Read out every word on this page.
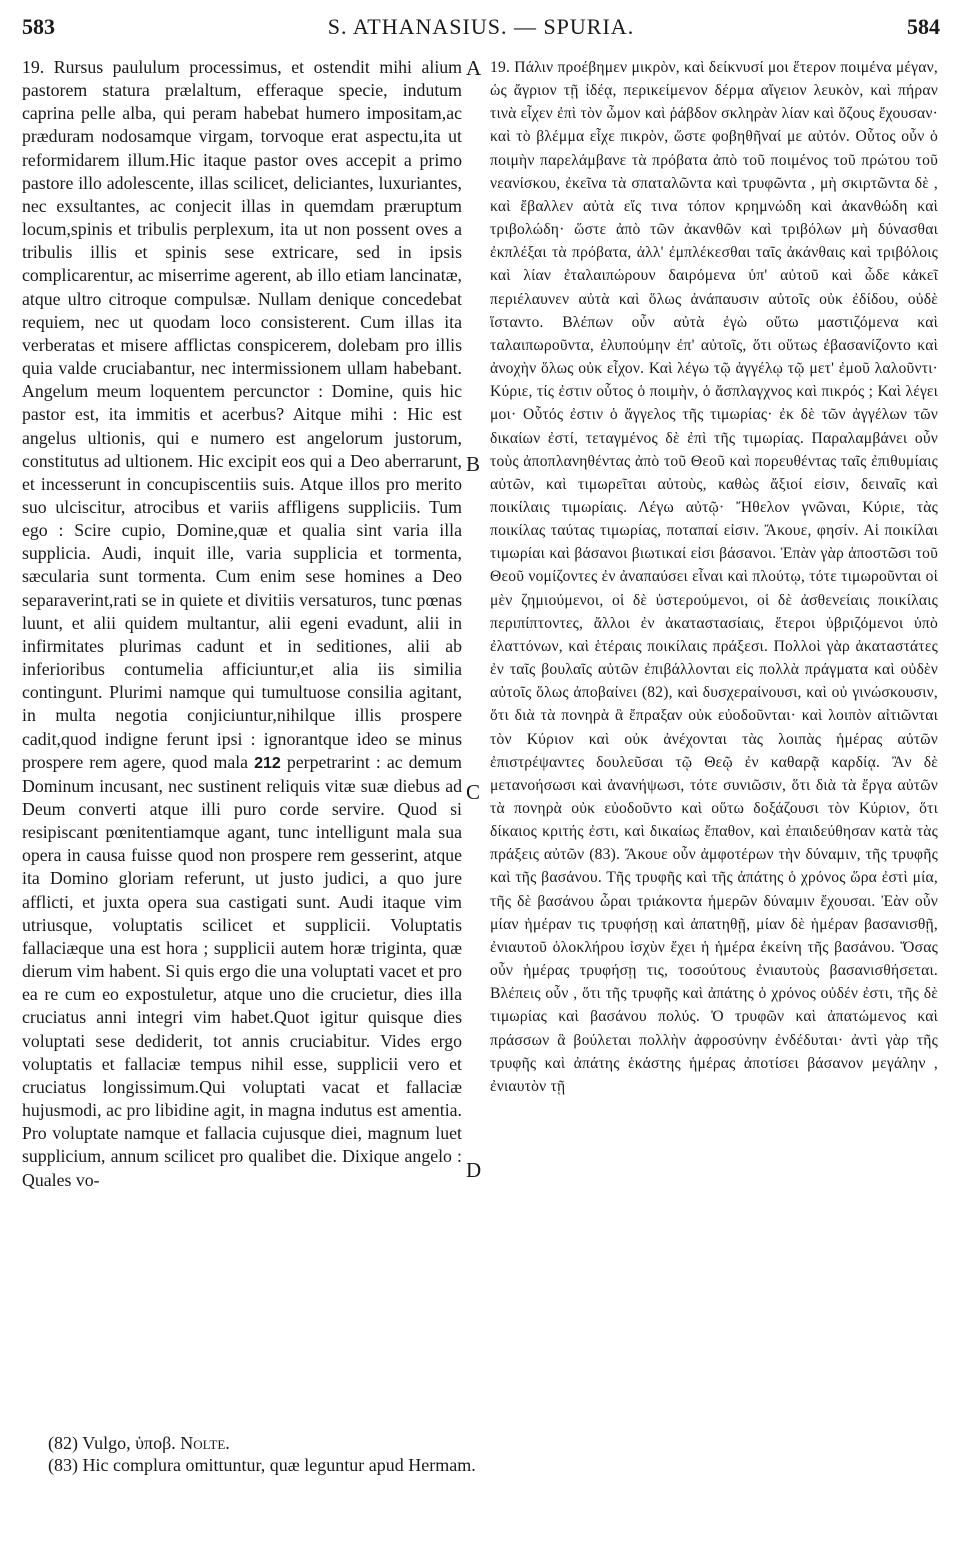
583	S. ATHANASIUS. — SPURIA.	584

19. Rursus paululum processimus, et ostendit mihi alium pastorem statura prælaltum, efferaque specie, indutum caprina pelle alba, qui peram habebat humero impositam,ac præduram nodosamque virgam, torvoque erat aspectu,ita ut reformidarem illum.Hic itaque pastor oves accepit a primo pastore illo adolescente, illas scilicet, deliciantes, luxuriantes, nec exsultantes, ac conjecit illas in quemdam præruptum locum,spinis et tribulis perplexum, ita ut non possent oves a tribulis illis et spinis sese extricare, sed in ipsis complicarentur, ac miserrime agerent, ab illo etiam lancinatæ, atque ultro citroque compulsæ. Nullam denique concedebat requiem, nec ut quodam loco consisterent. Cum illas ita verberatas et misere afflictas conspicerem, dolebam pro illis quia valde cruciabantur, nec intermissionem ullam habebant. Angelum meum loquentem percunctor : Domine, quis hic pastor est, ita immitis et acerbus? Aitque mihi : Hic est angelus ultionis, qui e numero est angelorum justorum, constitutus ad ultionem. Hic excipit eos qui a Deo aberrarunt, et incesserunt in concupiscentiis suis. Atque illos pro merito suo ulciscitur, atrocibus et variis affligens suppliciis. Tum ego : Scire cupio, Domine,quæ et qualia sint varia illa supplicia. Audi, inquit ille, varia supplicia et tormenta, sæcularia sunt tormenta. Cum enim sese homines a Deo separaverint,rati se in quiete et divitiis versaturos, tunc pœnas luunt, et alii quidem multantur, alii egeni evadunt, alii in infirmitates plurimas cadunt et in seditiones, alii ab inferioribus contumelia afficiuntur,et alia iis similia contingunt. Plurimi namque qui tumultuose consilia agitant, in multa negotia conjiciuntur,nihilque illis prospere cadit,quod indigne ferunt ipsi : ignorantque ideo se minus prospere rem agere, quod mala 212 perpetrarint : ac demum Dominum incusant, nec sustinent reliquis vitæ suæ diebus ad Deum converti atque illi puro corde servire. Quod si resipiscant pœnitentiamque agant, tunc intelligunt mala sua opera in causa fuisse quod non prospere rem gesserint, atque ita Domino gloriam referunt, ut justo judici, a quo jure afflicti, et juxta opera sua castigati sunt. Audi itaque vim utriusque, voluptatis scilicet et supplicii. Voluptatis fallaciæque una est hora ; supplicii autem horæ triginta, quæ dierum vim habent. Si quis ergo die una voluptati vacet et pro ea re cum eo expostuletur, atque uno die crucietur, dies illa cruciatus anni integri vim habet.Quot igitur quisque dies voluptati sese dediderit, tot annis cruciabitur. Vides ergo voluptatis et fallaciæ tempus nihil esse, supplicii vero et cruciatus longissimum.Qui voluptati vacat et fallaciæ hujusmodi, ac pro libidine agit, in magna indutus est amentia. Pro voluptate namque et fallacia cujusque diei, magnum luet supplicium, annum scilicet pro qualibet die. Dixique angelo : Quales vo-

A
B
C
D

19. Πάλιν προέβημεν μικρὸν, καὶ δείκνυσί μοι ἕτερον ποιμένα μέγαν, ὡς ἄγριον τῇ ἰδέᾳ, περικείμενον δέρμα αἴγειον λευκὸν, καὶ πήραν τινὰ εἶχεν ἐπὶ τὸν ὦμον καὶ ῥάβδον σκληρὰν λίαν καὶ ὄζους ἔχουσαν· καὶ τὸ βλέμμα εἶχε πικρὸν, ὥστε φοβηθῆναί με αὐτόν. Οὗτος οὖν ὁ ποιμὴν παρελάμβανε τὰ πρόβατα ἀπὸ τοῦ ποιμένος τοῦ πρώτου τοῦ νεανίσκου, ἐκεῖνα τὰ σπαταλῶντα καὶ τρυφῶντα , μὴ σκιρτῶντα δὲ , καὶ ἔβαλλεν αὐτὰ εἴς τινα τόπον κρημνώδη καὶ ἀκανθώδη καὶ τριβολώδη· ὥστε ἀπὸ τῶν ἀκανθῶν καὶ τριβόλων μὴ δύνασθαι ἐκπλέξαι τὰ πρόβατα, ἀλλ' ἐμπλέκεσθαι ταῖς ἀκάνθαις καὶ τριβόλοις καὶ λίαν ἐταλαιπώρουν δαιρόμενα ὑπ' αὐτοῦ καὶ ὧδε κἀκεῖ περιέλαυνεν αὐτὰ καὶ ὅλως ἀνάπαυσιν αὐτοῖς οὐκ ἐδίδου, οὐδὲ ἵσταντο. Βλέπων οὖν αὐτὰ ἐγὼ οὕτω μαστιζόμενα καὶ ταλαιπωροῦντα, ἐλυπούμην ἐπ' αὐτοῖς, ὅτι οὕτως ἐβασανίζοντο καὶ ἀνοχὴν ὅλως οὐκ εἶχον. Καὶ λέγω τῷ ἀγγέλῳ τῷ μετ' ἐμοῦ λαλοῦντι· Κύριε, τίς ἐστιν οὗτος ὁ ποιμὴν, ὁ ἄσπλαγχνος καὶ πικρός ; Καὶ λέγει μοι· Οὗτός ἐστιν ὁ ἄγγελος τῆς τιμωρίας· ἐκ δὲ τῶν ἀγγέλων τῶν δικαίων ἐστί, τεταγμένος δὲ ἐπὶ τῆς τιμωρίας. Παραλαμβάνει οὖν τοὺς ἀποπλανηθέντας ἀπὸ τοῦ Θεοῦ καὶ πορευθέντας ταῖς ἐπιθυμίαις αὐτῶν, καὶ τιμωρεῖται αὐτοὺς, καθὼς ἄξιοί εἰσιν, δειναῖς καὶ ποικίλαις τιμωρίαις. Λέγω αὐτῷ· Ἤθελον γνῶναι, Κύριε, τὰς ποικίλας ταύτας τιμωρίας, ποταπαί εἰσιν. Ἄκουε, φησίν. Αἱ ποικίλαι τιμωρίαι καὶ βάσανοι βιωτικαί εἰσι βάσανοι. Ἐπὰν γὰρ ἀποστῶσι τοῦ Θεοῦ νομίζοντες ἐν ἀναπαύσει εἶναι καὶ πλούτῳ, τότε τιμωροῦνται οἱ μὲν ζημιούμενοι, οἱ δὲ ὑστερούμενοι, οἱ δὲ ἀσθενείαις ποικίλαις περιπίπτοντες, ἄλλοι ἐν ἀκαταστασίαις, ἕτεροι ὑβριζόμενοι ὑπὸ ἐλαττόνων, καὶ ἑτέραις ποικίλαις πράξεσι. Πολλοὶ γὰρ ἀκαταστάτες ἐν ταῖς βουλαῖς αὐτῶν ἐπιβάλλονται εἰς πολλὰ πράγματα καὶ οὐδὲν αὐτοῖς ὅλως ἀποβαίνει (82), καὶ δυσχεραίνουσι, καὶ οὐ γινώσκουσιν, ὅτι διὰ τὰ πονηρὰ ἃ ἔπραξαν οὐκ εὐοδοῦνται· καὶ λοιπὸν αἰτιῶνται τὸν Κύριον καὶ οὐκ ἀνέχονται τὰς λοιπὰς ἡμέρας αὐτῶν ἐπιστρέψαντες δουλεῦσαι τῷ Θεῷ ἐν καθαρᾷ καρδίᾳ. Ἂν δὲ μετανοήσωσι καὶ ἀνανήψωσι, τότε συνιῶσιν, ὅτι διὰ τὰ ἔργα αὐτῶν τὰ πονηρὰ οὐκ εὐοδοῦντο καὶ οὕτω δοξάζουσι τὸν Κύριον, ὅτι δίκαιος κριτής ἐστι, καὶ δικαίως ἔπαθον, καὶ ἐπαιδεύθησαν κατὰ τὰς πράξεις αὐτῶν (83). Ἄκουε οὖν ἀμφοτέρων τὴν δύναμιν, τῆς τρυφῆς καὶ τῆς βασάνου. Τῆς τρυφῆς καὶ τῆς ἀπάτης ὁ χρόνος ὥρα ἐστὶ μία, τῆς δὲ βασάνου ὧραι τριάκοντα ἡμερῶν δύναμιν ἔχουσαι. Ἐὰν οὖν μίαν ἡμέραν τις τρυφήσῃ καὶ ἀπατηθῇ, μίαν δὲ ἡμέραν βασανισθῇ, ἐνιαυτοῦ ὁλοκλήρου ἰσχὺν ἔχει ἡ ἡμέρα ἐκείνη τῆς βασάνου. Ὅσας οὖν ἡμέρας τρυφήσῃ τις, τοσούτους ἐνιαυτοὺς βασανισθήσεται. Βλέπεις οὖν , ὅτι τῆς τρυφῆς καὶ ἀπάτης ὁ χρόνος οὐδέν ἐστι, τῆς δὲ τιμωρίας καὶ βασάνου πολύς. Ὁ τρυφῶν καὶ ἀπατώμενος καὶ πράσσων ἃ βούλεται πολλὴν ἀφροσύνην ἐνδέδυται· ἀντὶ γὰρ τῆς τρυφῆς καὶ ἀπάτης ἑκάστης ἡμέρας ἀποτίσει βάσανον μεγάλην , ἐνιαυτὸν τῇ

(82) Vulgo, ὑποβ. Nolte.
(83) Hic complura omittuntur, quæ leguntur apud Hermam.
